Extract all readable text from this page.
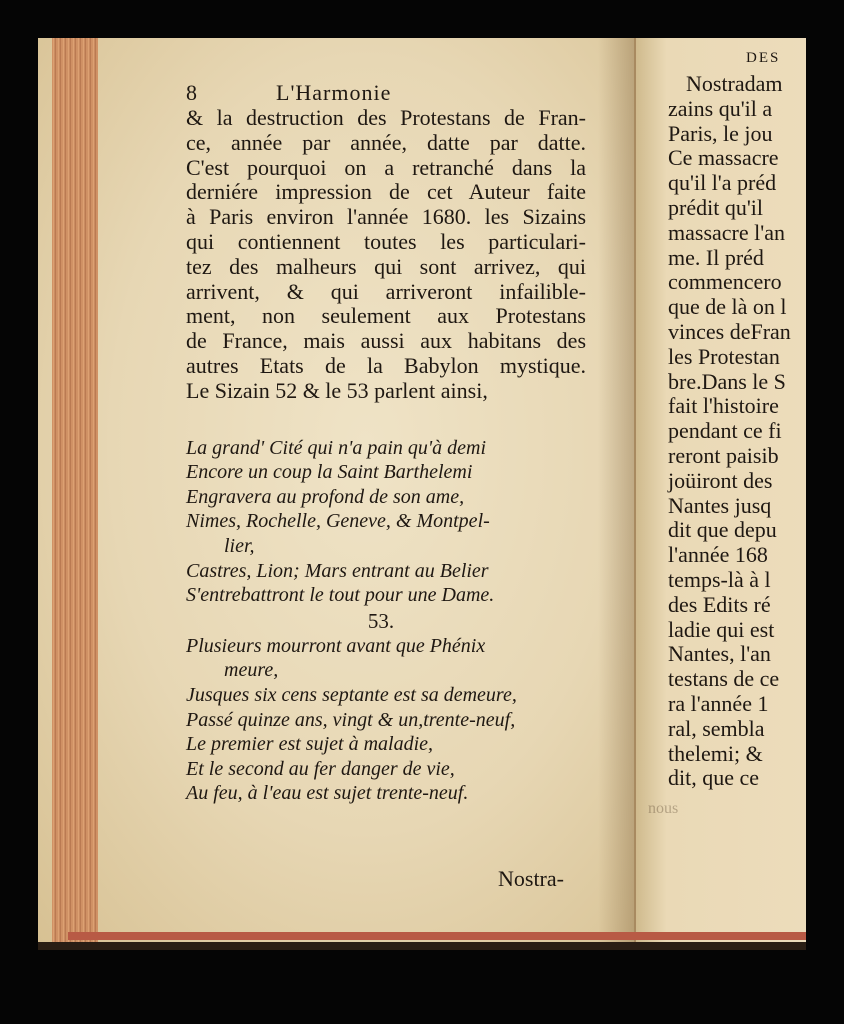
8	L'Harmonie
& la destruction des Protestans de Fran-
ce, année par année, datte par datte.
C'est pourquoi on a retranché dans la
derniére impression de cet Auteur faite
à Paris environ l'année 1680. les Sizains
qui contiennent toutes les particulari-
tez des malheurs qui sont arrivez, qui
arrivent, & qui arriveront infailible-
ment, non seulement aux Protestans
de France, mais aussi aux habitans des
autres Etats de la Babylon mystique.
Le Sizain 52 & le 53 parlent ainsi,
La grand' Cité qui n'a pain qu'à demi
Encore un coup la Saint Barthelemi
Engravera au profond de son ame,
Nimes, Rochelle, Geneve, & Montpel-
lier,
Castres, Lion; Mars entrant au Belier
S'entrebattront le tout pour une Dame.
53.
Plusieurs mourront avant que Phénix
meure,
Jusques six cens septante est sa demeure,
Passé quinze ans, vingt & un,trente-neuf,
Le premier est sujet à maladie,
Et le second au fer danger de vie,
Au feu, à l'eau est sujet trente-neuf.
Nostra-
DES
Nostradam
zains qu'il a
Paris, le jou
Ce massacre
qu'il l'a préd
prédit qu'il
massacre l'an
me. Il préd
commencero
que de là on l
vinces deFran
les Protestan
bre.Dans le S
fait l'histoire
pendant ce fi
reront paisib
joüiront des
Nantes jusq
dit que depu
l'année 168
temps-là à l
des Edits ré
ladie qui est
Nantes, l'an
testans de ce
ra l'année 1
ral, sembla
thelemi; &
dit, que ce
nous
